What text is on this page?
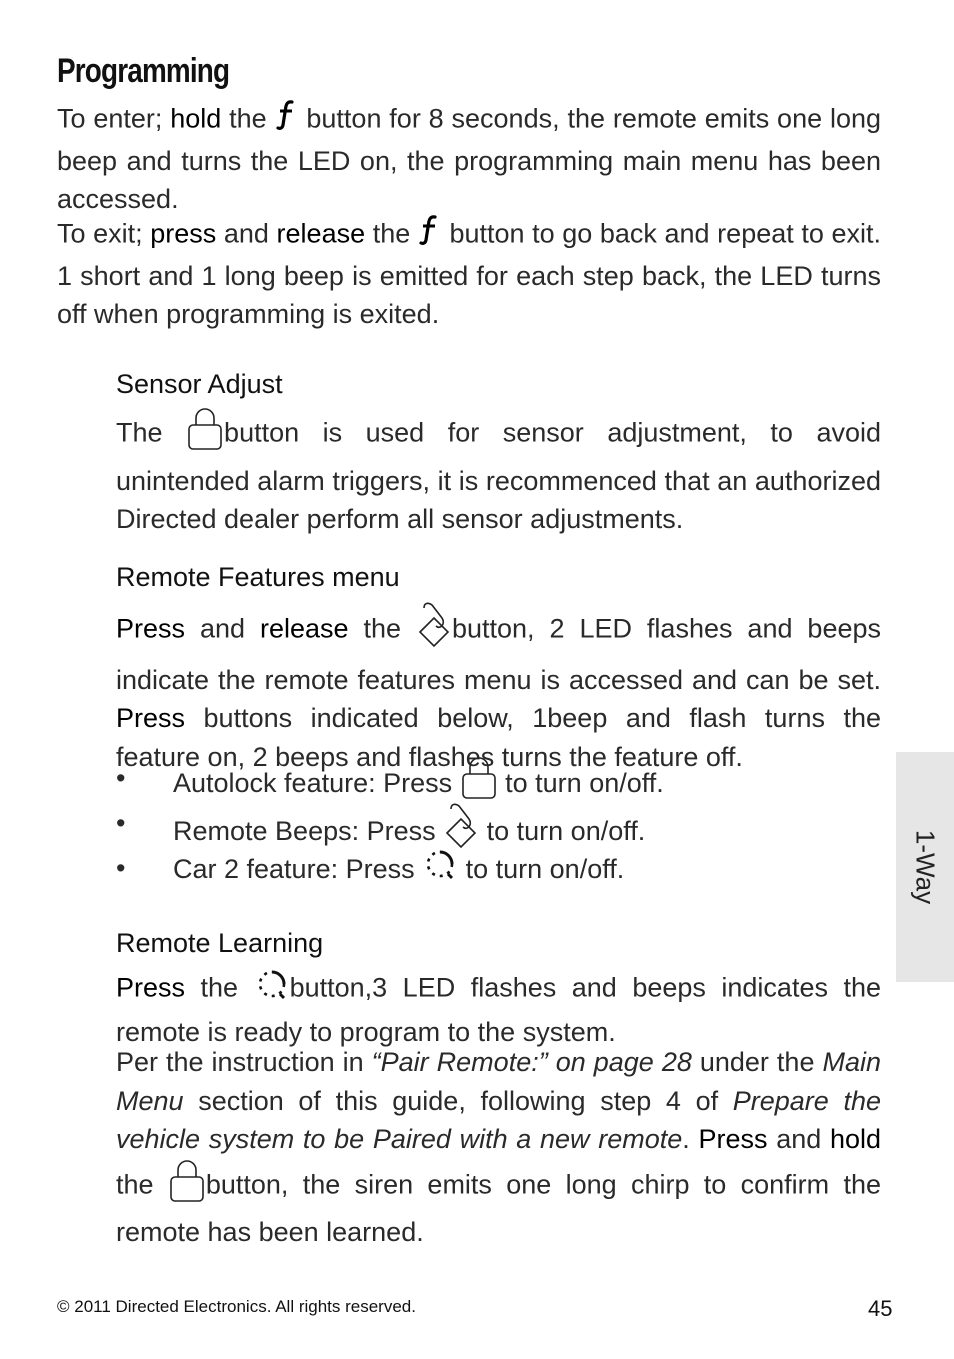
Programming
To enter; hold the  button for 8 seconds, the remote emits one long beep and turns the LED on, the programming main menu has been accessed.
To exit; press and release the  button to go back and repeat to exit. 1 short and 1 long beep is emitted for each step back, the LED turns off when programming is exited.
Sensor Adjust
The button is used for sensor adjustment, to avoid unintended alarm triggers, it is recommenced that an authorized Directed dealer perform all sensor adjustments.
Remote Features menu
Press and release the button, 2 LED flashes and beeps indicate the remote features menu is accessed and can be set. Press buttons indicated below, 1beep and flash turns the feature on, 2 beeps and flashes turns the feature off.
• Autolock feature: Press  to turn on/off.
• Remote Beeps: Press  to turn on/off.
• Car 2 feature: Press  to turn on/off.
Remote Learning
Press the button,3 LED flashes and beeps indicates the remote is ready to program to the system.
Per the instruction in “Pair Remote:” on page 28 under the Main Menu section of this guide, following step 4 of Prepare the vehicle system to be Paired with a new remote. Press and hold the button, the siren emits one long chirp to confirm the remote has been learned.
1-Way
© 2011 Directed Electronics. All rights reserved.	45
